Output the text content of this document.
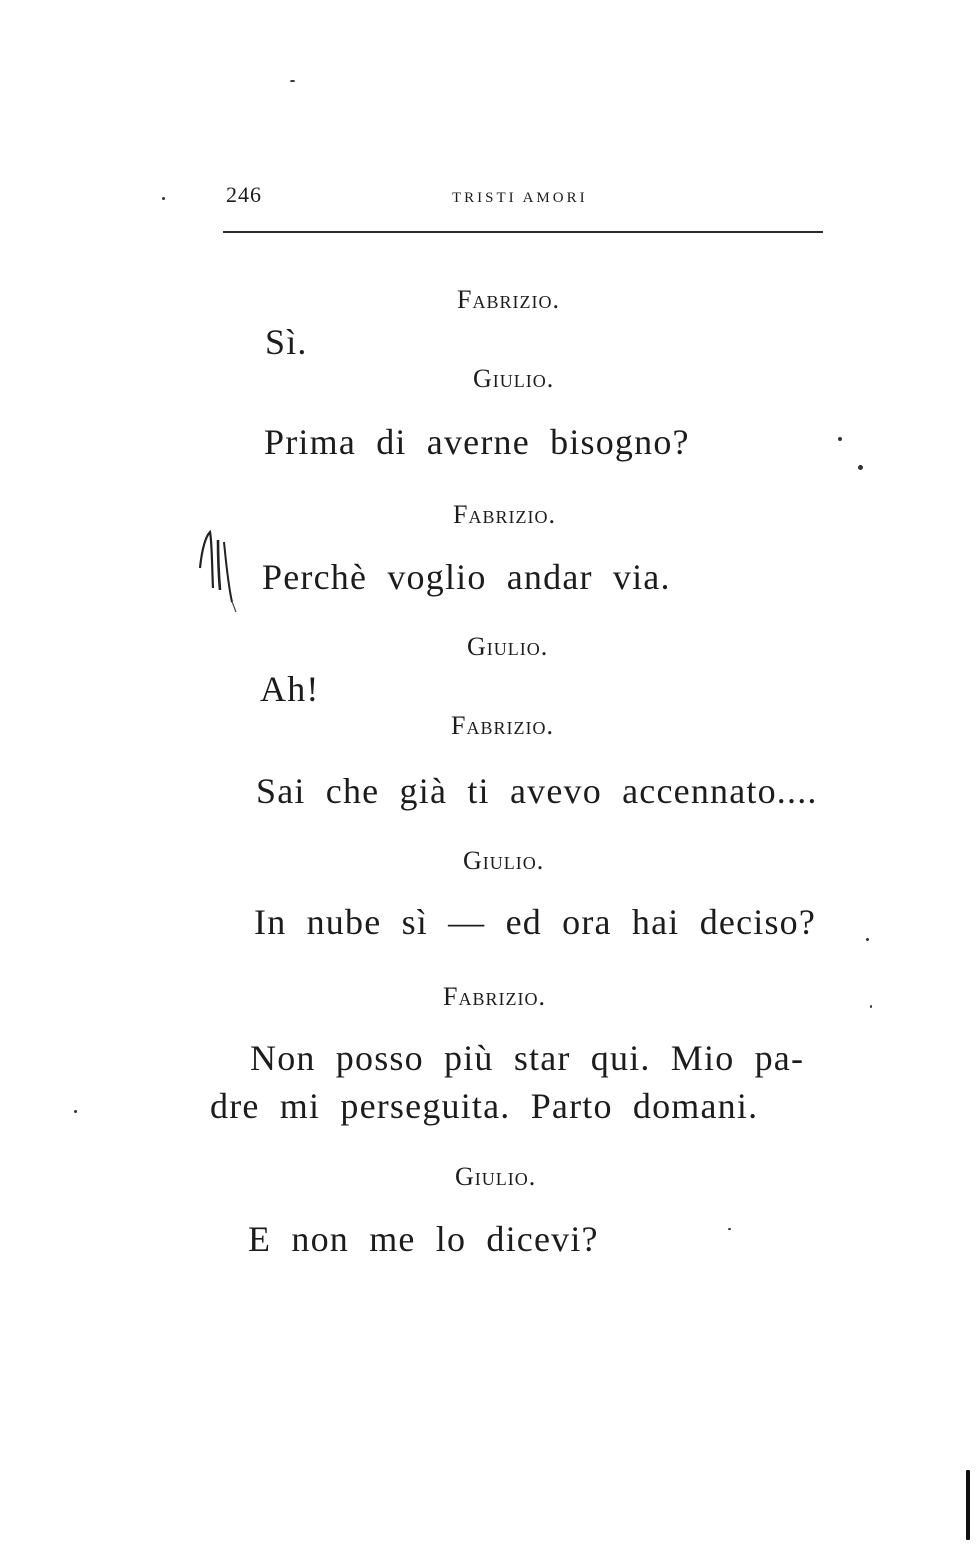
246	TRISTI AMORI
Fabrizio.
Sì.
Giulio.
Prima di averne bisogno?
Fabrizio.
Perchè voglio andar via.
Giulio.
Ah!
Fabrizio.
Sai che già ti avevo accennato....
Giulio.
In nube sì — ed ora hai deciso?
Fabrizio.
Non posso più star qui. Mio pa-
dre mi perseguita. Parto domani.
Giulio.
E non me lo dicevi?
